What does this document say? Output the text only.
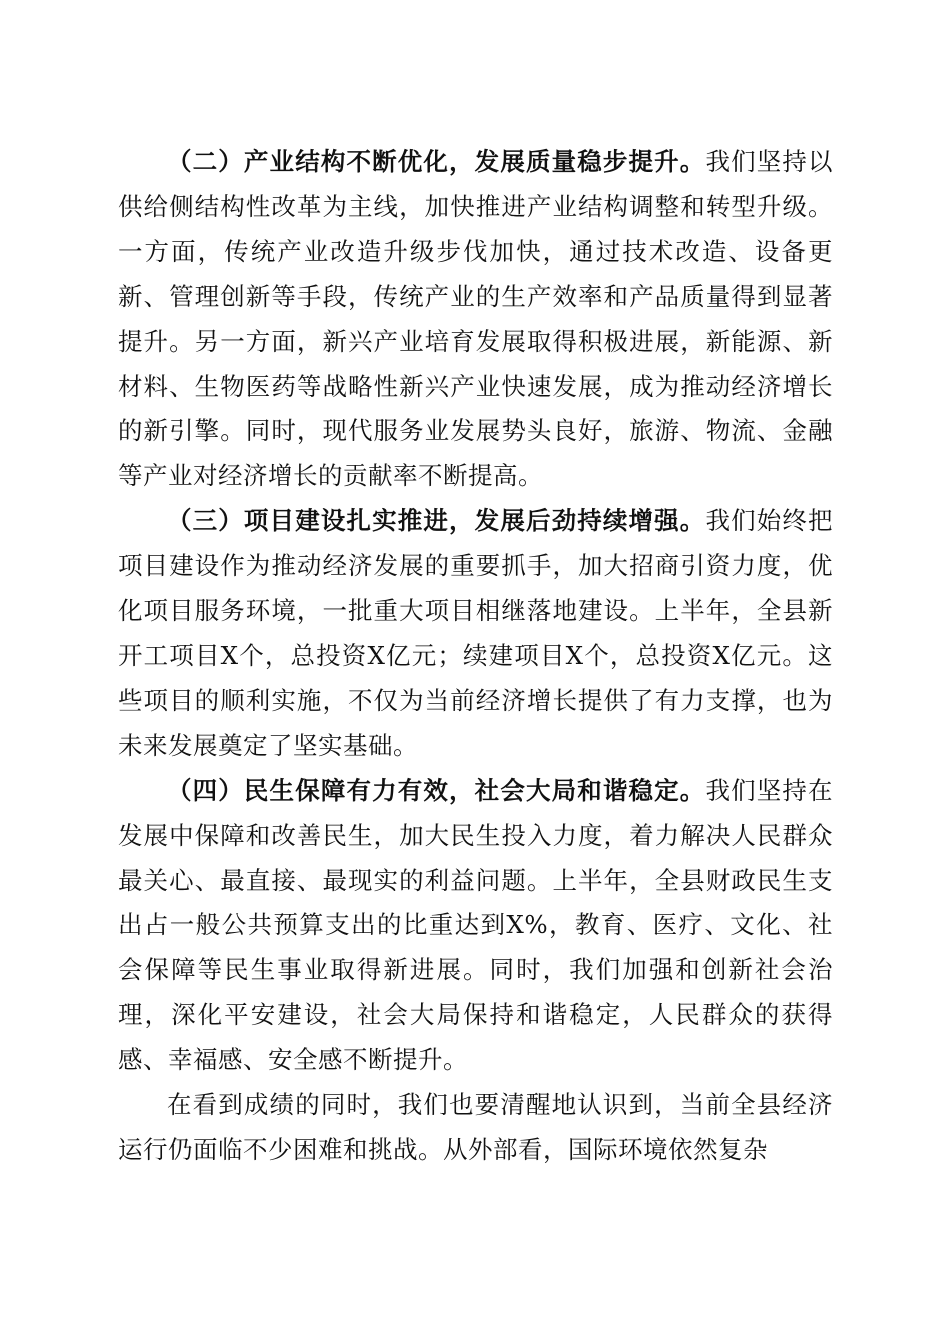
（二）产业结构不断优化，发展质量稳步提升。我们坚持以供给侧结构性改革为主线，加快推进产业结构调整和转型升级。一方面，传统产业改造升级步伐加快，通过技术改造、设备更新、管理创新等手段，传统产业的生产效率和产品质量得到显著提升。另一方面，新兴产业培育发展取得积极进展，新能源、新材料、生物医药等战略性新兴产业快速发展，成为推动经济增长的新引擎。同时，现代服务业发展势头良好，旅游、物流、金融等产业对经济增长的贡献率不断提高。

（三）项目建设扎实推进，发展后劲持续增强。我们始终把项目建设作为推动经济发展的重要抓手，加大招商引资力度，优化项目服务环境，一批重大项目相继落地建设。上半年，全县新开工项目X个，总投资X亿元；续建项目X个，总投资X亿元。这些项目的顺利实施，不仅为当前经济增长提供了有力支撑，也为未来发展奠定了坚实基础。

（四）民生保障有力有效，社会大局和谐稳定。我们坚持在发展中保障和改善民生，加大民生投入力度，着力解决人民群众最关心、最直接、最现实的利益问题。上半年，全县财政民生支出占一般公共预算支出的比重达到X%，教育、医疗、文化、社会保障等民生事业取得新进展。同时，我们加强和创新社会治理，深化平安建设，社会大局保持和谐稳定，人民群众的获得感、幸福感、安全感不断提升。

在看到成绩的同时，我们也要清醒地认识到，当前全县经济运行仍面临不少困难和挑战。从外部看，国际环境依然复杂
